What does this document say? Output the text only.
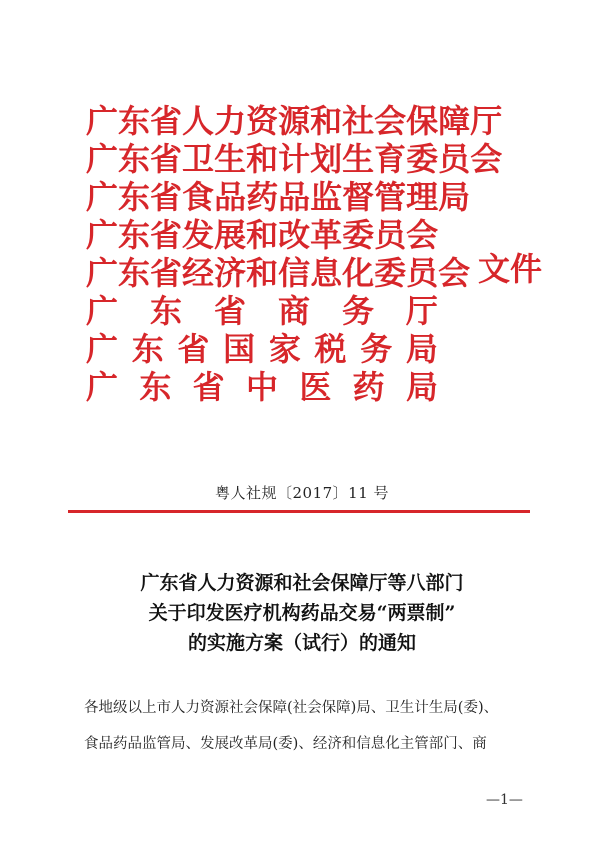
广 东 省 人 力 资 源 和 社 会 保 障 厅
广 东 省 卫 生 和 计 划 生 育 委 员 会
广 东 省 食 品 药 品 监 督 管 理 局
广 东 省 发 展 和 改 革 委 员 会
广 东 省 经 济 和 信 息 化 委 员 会
广 东 省 商 务 厅
广 东 省 国 家 税 务 局
广 东 省 中 医 药 局
文件
粤人社规〔2017〕11 号
广东省人力资源和社会保障厅等八部门
关于印发医疗机构药品交易“两票制”
的实施方案（试行）的通知
各地级以上市人力资源社会保障(社会保障)局、卫生计生局(委)、
食品药品监管局、发展改革局(委)、经济和信息化主管部门、商
—1—
